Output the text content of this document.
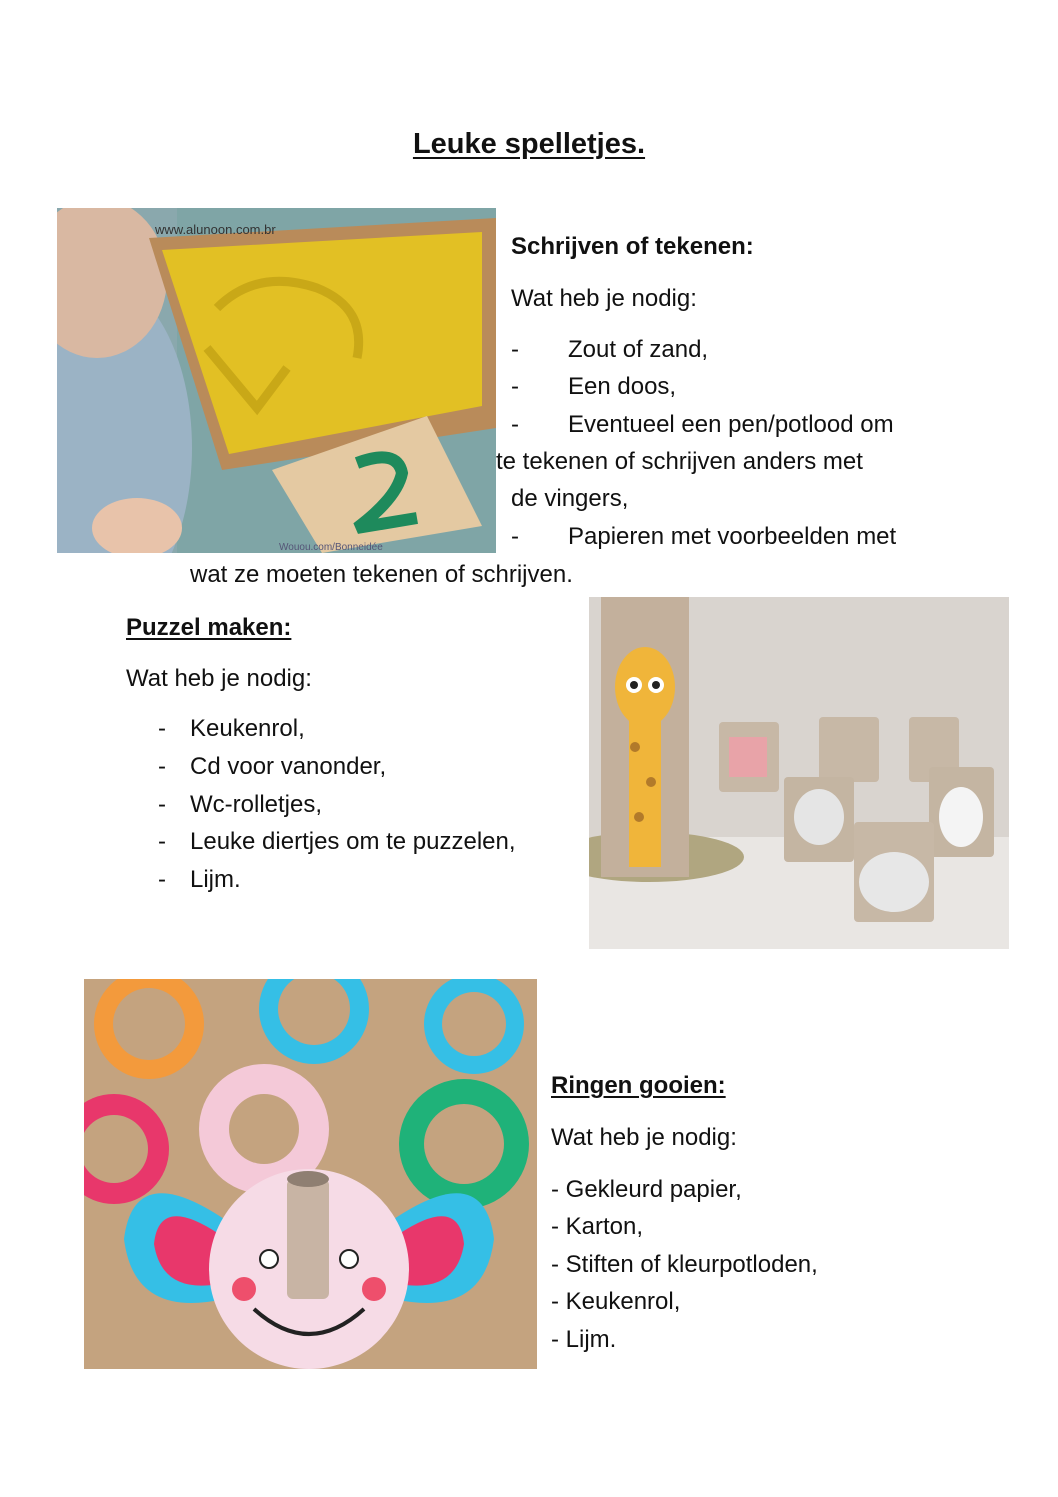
Leuke spelletjes.
www.alunoon.com.br
Wouou.com/Bonneidée
Schrijven of tekenen:
Wat heb je nodig:
- Zout of zand,
- Een doos,
- Eventueel een pen/potlood om
te tekenen of schrijven anders met
de vingers,
- Papieren met voorbeelden met
wat ze moeten tekenen of schrijven.
Puzzel maken:
Wat heb je nodig:
- Keukenrol,
- Cd voor vanonder,
- Wc-rolletjes,
- Leuke diertjes om te puzzelen,
- Lijm.
Ringen gooien:
Wat heb je nodig:
- Gekleurd papier,
- Karton,
- Stiften of kleurpotloden,
- Keukenrol,
- Lijm.
